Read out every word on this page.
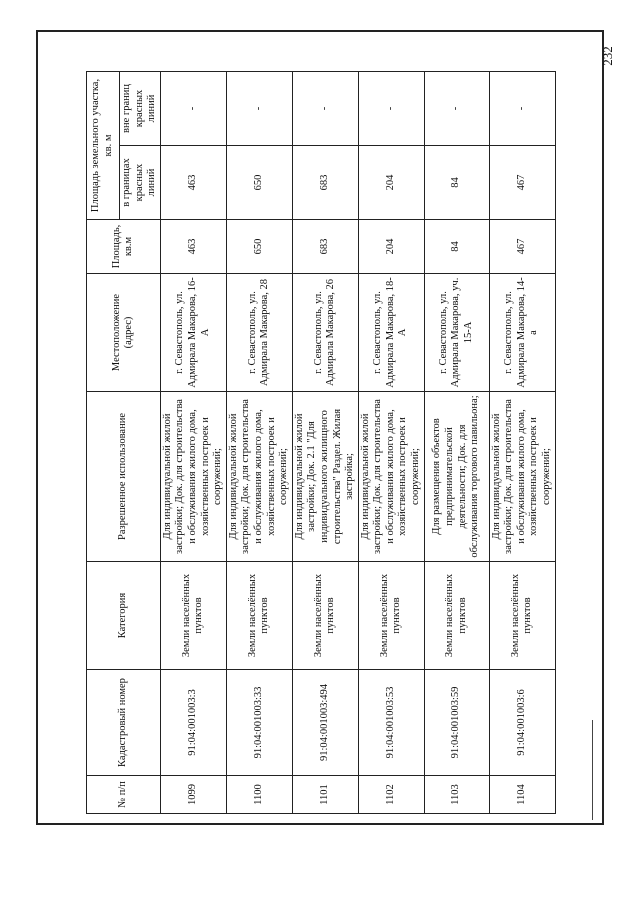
232
№ п/п	Кадастровый номер	Категория	Разрешенное использование	Местоположение (адрес)	Площадь, кв.м	Площадь земельного участка, кв. м	
						в границах красных линий	вне границ красных линий
1099	91:04:001003:3	Земли населённых пунктов	Для индивидуальной жилой застройки; Док. для строительства и обслуживания жилого дома, хозяйственных построек и сооружений;	г. Севастополь, ул. Адмирала Макарова, 16-А	463	463	-
1100	91:04:001003:33	Земли населённых пунктов	Для индивидуальной жилой застройки; Док. для строительства и обслуживания жилого дома, хозяйственных построек и сооружений;	г. Севастополь, ул. Адмирала Макарова, 28	650	650	-
1101	91:04:001003:494	Земли населённых пунктов	Для индивидуальной жилой застройки; Док. 2.1 "Для индивидуального жилищного строительства" Раздел. Жилая застройка;	г. Севастополь, ул. Адмирала Макарова, 26	683	683	-
1102	91:04:001003:53	Земли населённых пунктов	Для индивидуальной жилой застройки; Док. для строительства и обслуживания жилого дома, хозяйственных построек и сооружений;	г. Севастополь, ул. Адмирала Макарова, 18-А	204	204	-
1103	91:04:001003:59	Земли населённых пунктов	Для размещения объектов предпринимательской деятельности; Док. для обслуживания торгового павильона;	г. Севастополь, ул. Адмирала Макарова, уч. 15-А	84	84	-
1104	91:04:001003:6	Земли населённых пунктов	Для индивидуальной жилой застройки; Док. для строительства и обслуживания жилого дома, хозяйственных построек и сооружений;	г. Севастополь, ул. Адмирала Макарова, 14-а	467	467	-
